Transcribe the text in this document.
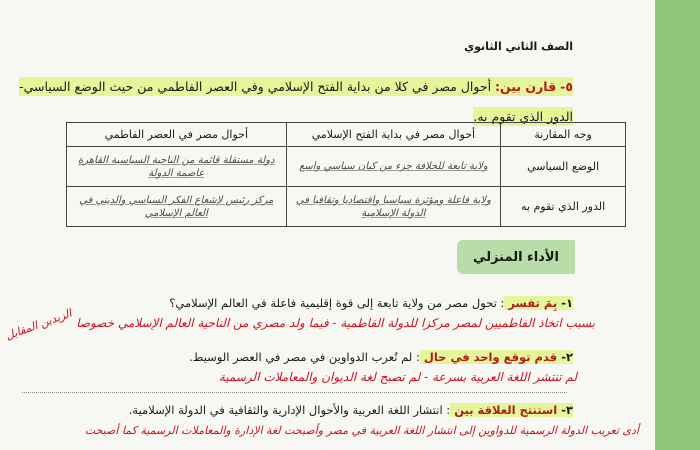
الصف الثاني الثانوي
٥- قارن بين: أحوال مصر في كلا من بداية الفتح الإسلامي وفي العصر الفاطمي من حيث الوضع السياسي-
الدور الذي تقوم به.
وجه المقارنة	أحوال مصر في بداية الفتح الإسلامي	أحوال مصر في العصر الفاطمي
الوضع السياسي	ولاية تابعة للخلافة جزء من كيان سياسي واسع	دولة مستقلة قائمة من الناحية السياسية القاهرة عاصمة الدولة
الدور الذي تقوم به	ولاية فاعلة ومؤثرة سياسيا واقتصاديا وتقافيا في الدولة الإسلامية	مركز رئيس لإشعاع الفكر السياسي والديني في العالم الإسلامي
الأداء المنزلي
١- بِمَ تفسر : تحول مصر من ولاية تابعة إلى قوة إقليمية فاعلة في العالم الإسلامي؟
بسبب اتخاذ الفاطميين لمصر مركزا للدولة الفاطمية - فيما ولد مصري من الناحية العالم الإسلامي خصوصا
٢- قدم توقع واحد في حال : لم تُعرب الدواوين في مصر في العصر الوسيط.
لم تنتشر اللغة العربية بسرعة - لم تصبح لغة الديوان والمعاملات الرسمية
٣- استنتج العلاقة بين : انتشار اللغة العربية والأحوال الإدارية والثقافية في الدولة الإسلامية.
أدى تعريب الدولة الرسمية للدواوين إلى انتشار اللغة العربية في مصر وأصبحت لغة الإدارة والمعاملات الرسمية كما أصبحت
الزيدين المقابل
